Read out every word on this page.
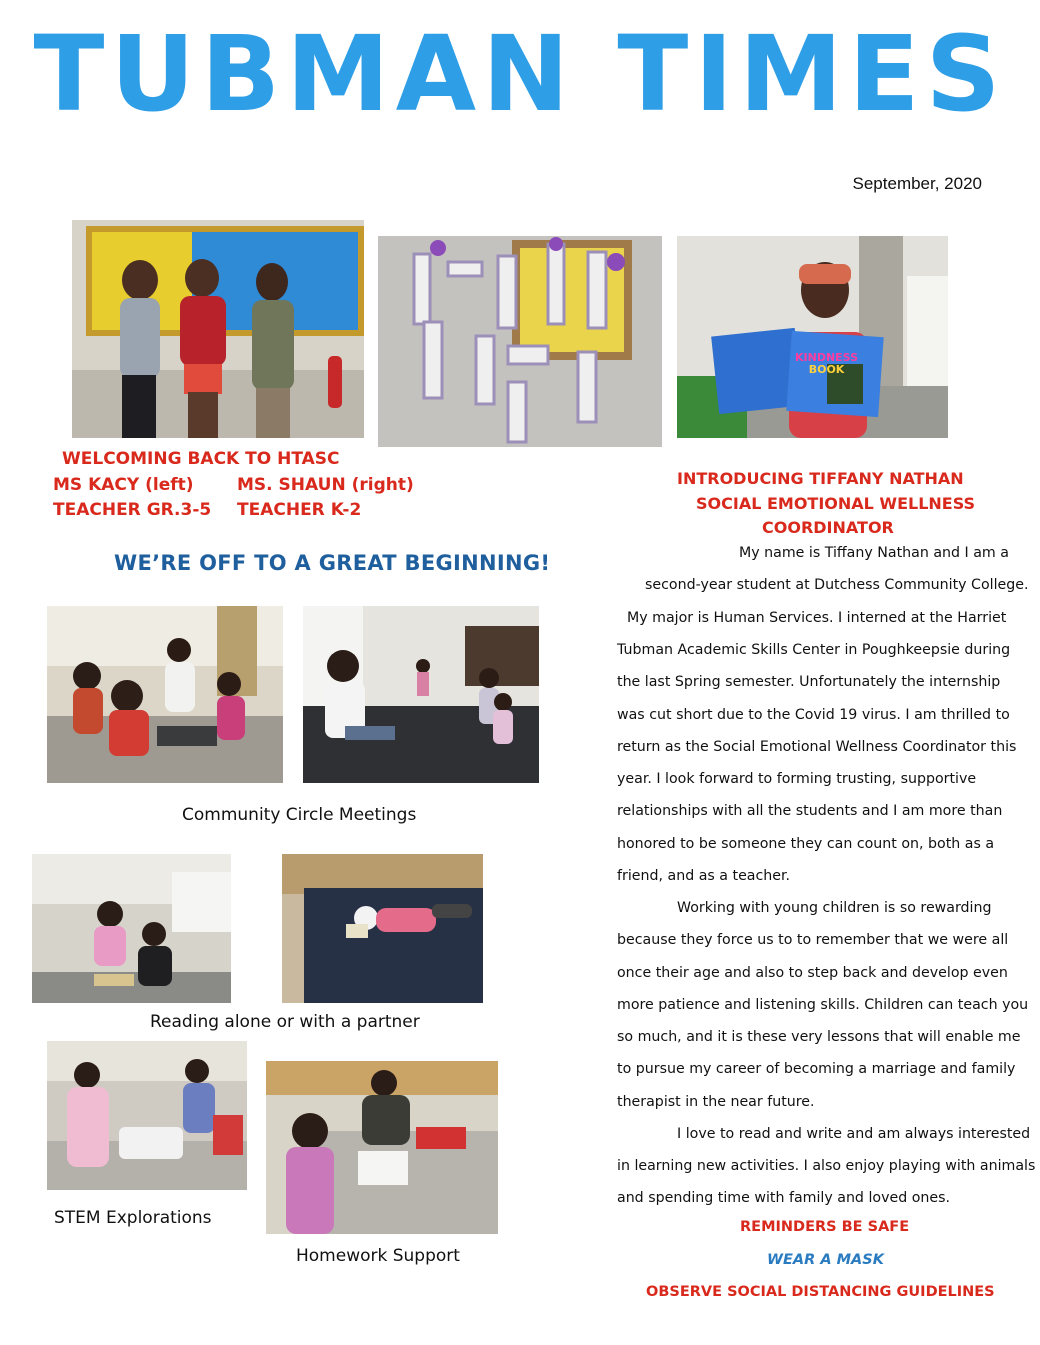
TUBMAN TIMES
September, 2020
KINDNESS
BOOK
WELCOMING BACK TO HTASC
MS KACY (left)	MS. SHAUN (right)
TEACHER GR.3-5 TEACHER K-2
WE’RE OFF TO A GREAT BEGINNING!
Community Circle Meetings
Reading alone or with a partner
STEM Explorations
Homework Support
INTRODUCING TIFFANY NATHAN
SOCIAL EMOTIONAL WELLNESS
COORDINATOR
My name is Tiffany Nathan and I am a
second-year student at Dutchess Community College.
My major is Human Services. I interned at the Harriet
Tubman Academic Skills Center in Poughkeepsie during
the last Spring semester. Unfortunately the internship
was cut short due to the Covid 19 virus. I am thrilled to
return as the Social Emotional Wellness Coordinator this
year. I look forward to forming trusting, supportive
relationships with all the students and I am more than
honored to be someone they can count on, both as a
friend, and as a teacher.
Working with young children is so rewarding
because they force us to to remember that we were all
once their age and also to step back and develop even
more patience and listening skills. Children can teach you
so much, and it is these very lessons that will enable me
to pursue my career of becoming a marriage and family
therapist in the near future.
I love to read and write and am always interested
in learning new activities. I also enjoy playing with animals
and spending time with family and loved ones.
REMINDERS BE SAFE
WEAR A MASK
OBSERVE SOCIAL DISTANCING GUIDELINES
